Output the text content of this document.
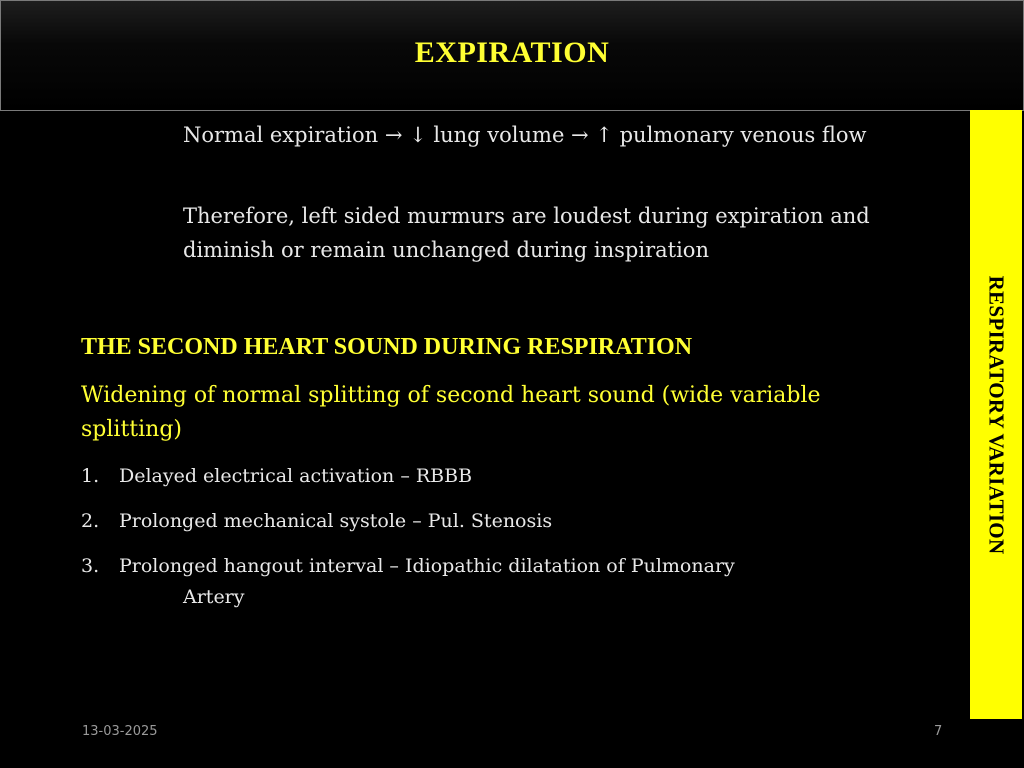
EXPIRATION
RESPIRATORY VARIATION

Normal expiration → ↓ lung volume → ↑ pulmonary venous flow

Therefore, left sided murmurs are loudest during expiration and diminish or remain unchanged during inspiration

THE SECOND HEART SOUND DURING RESPIRATION

Widening of normal splitting of second heart sound (wide variable splitting)

1. Delayed electrical activation – RBBB
2. Prolonged mechanical systole – Pul. Stenosis
3. Prolonged hangout interval – Idiopathic dilatation of Pulmonary
Artery
13-03-2025	7
